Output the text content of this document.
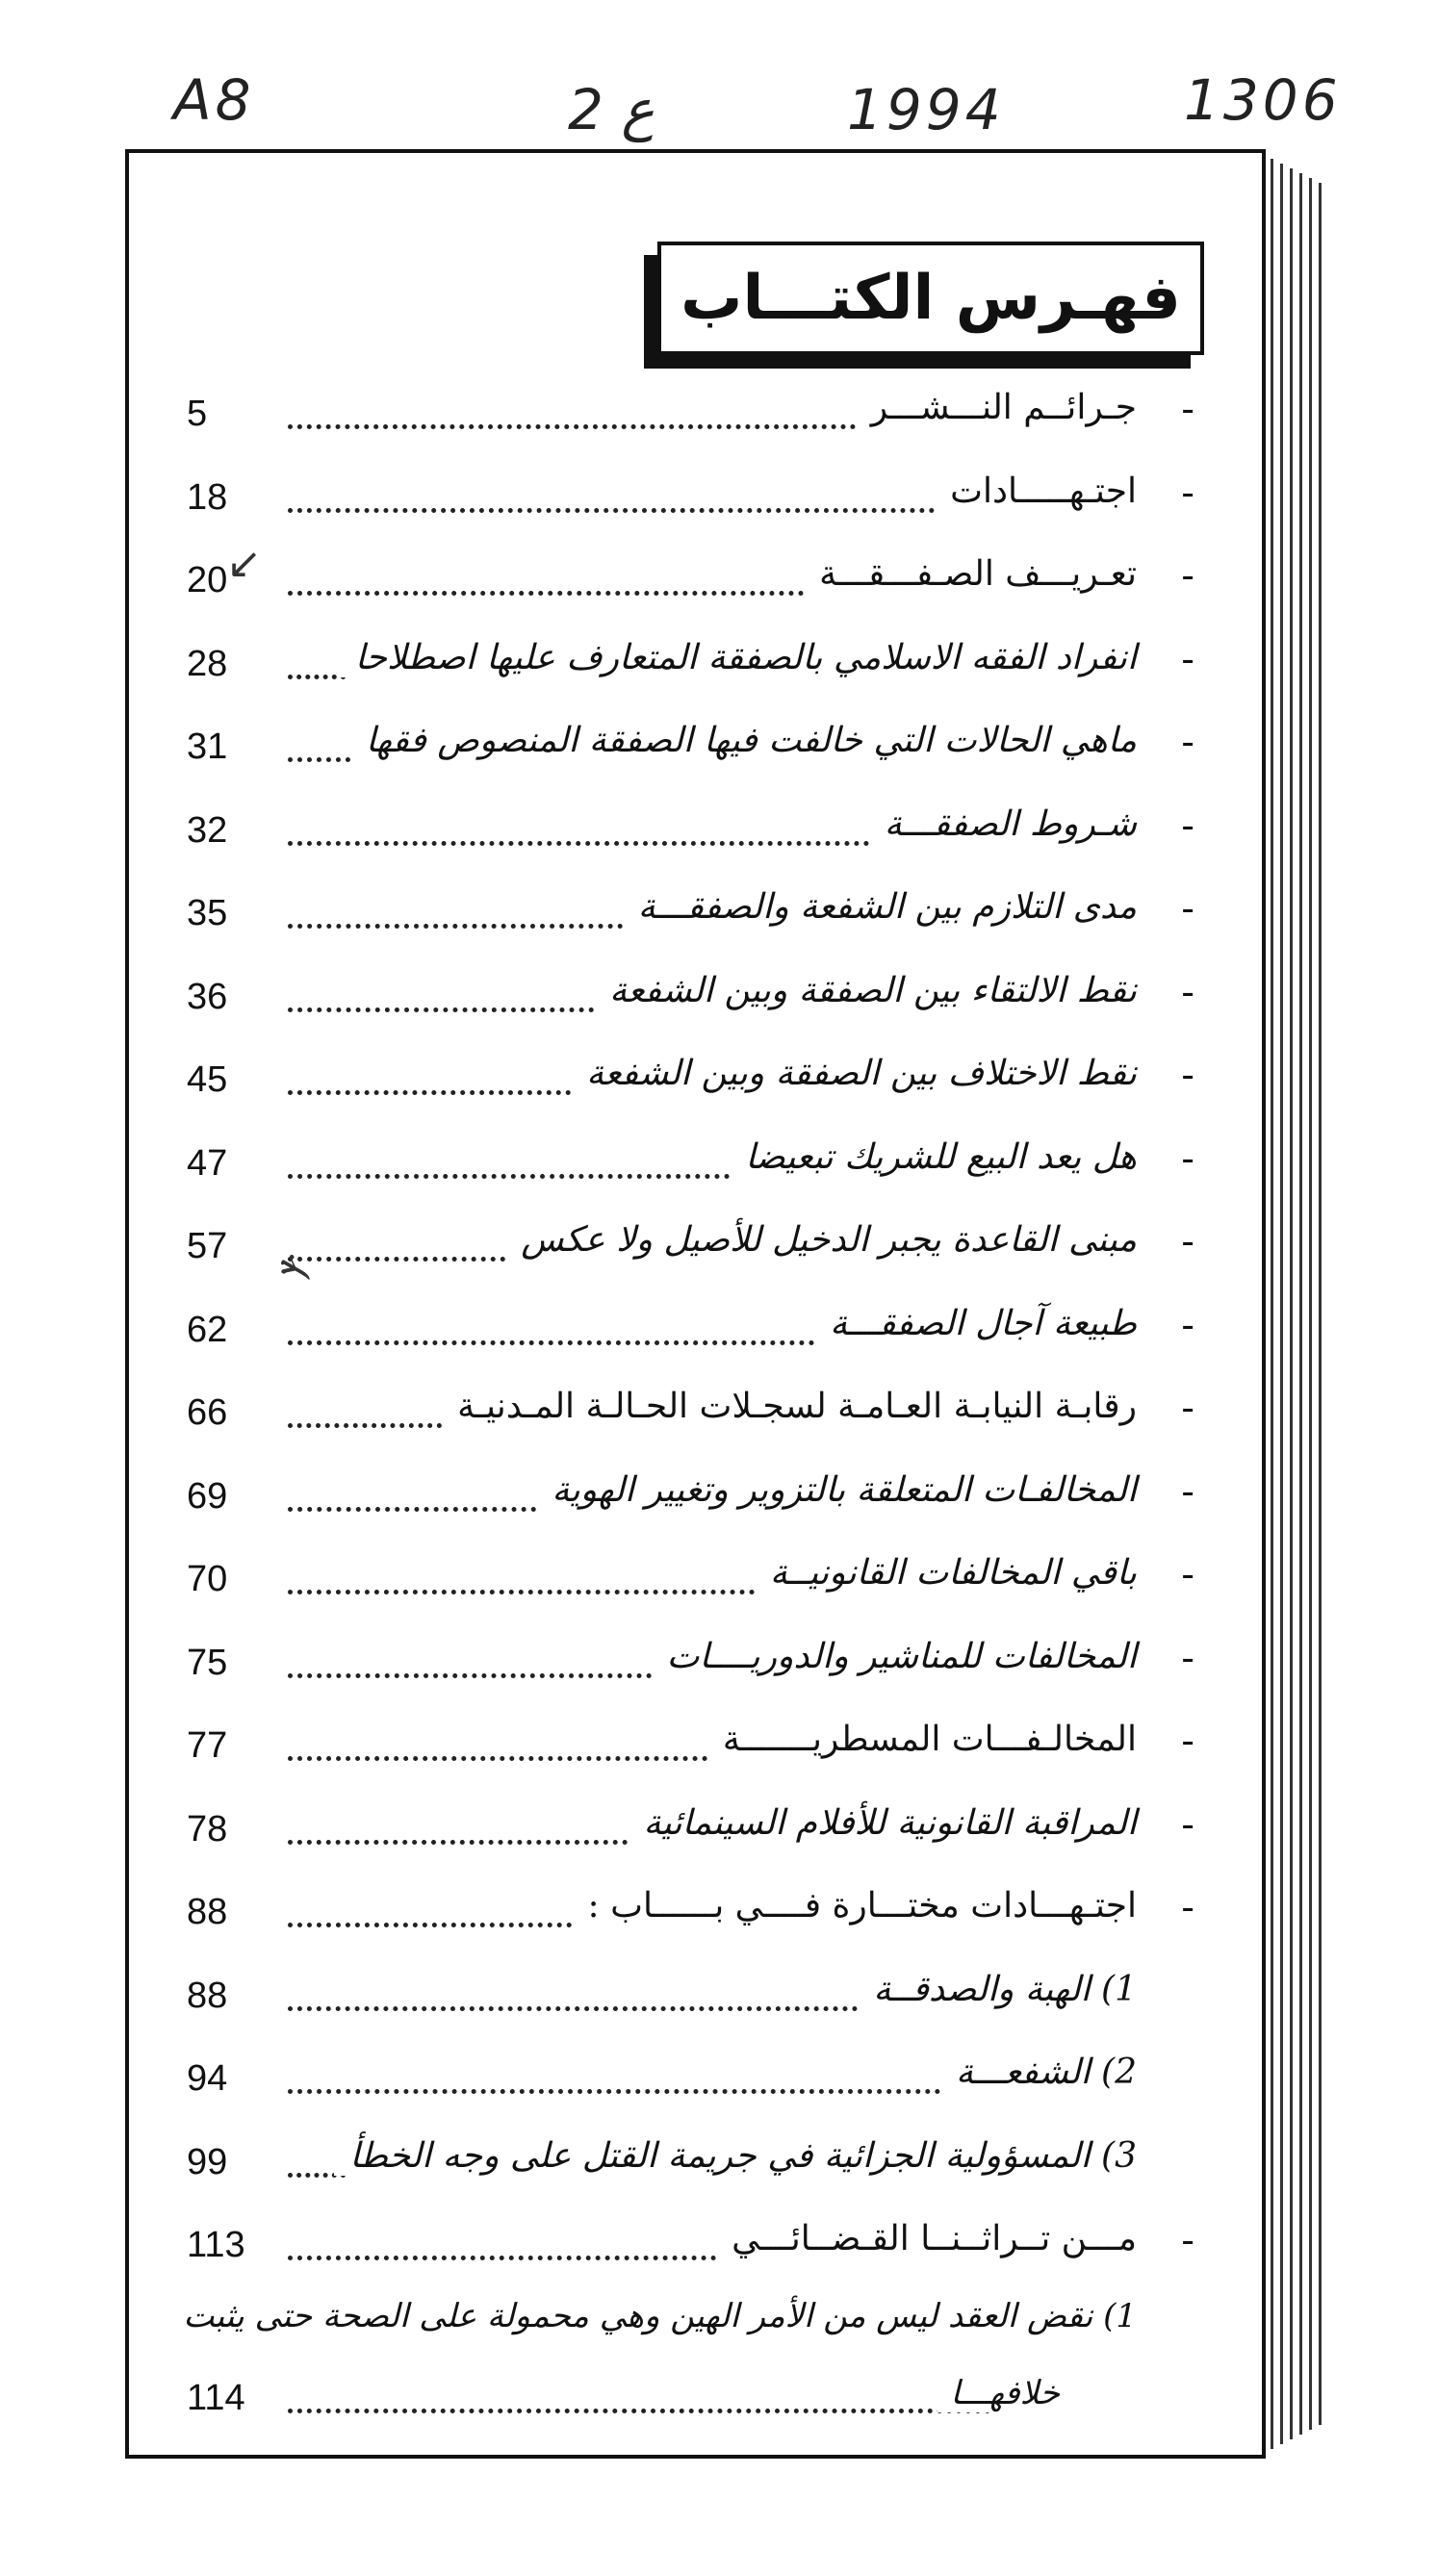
A8	2 ع	1994	1306
فهـرس الكتـــاب
5	جـرائــم النـــشـــر -
18	اجتـهـــــادات -
20	تعـريـــف الصـفـــقـــة -
28	انفراد الفقه الاسلامي بالصفقة المتعارف عليها اصطلاحا -
31	ماهي الحالات التي خالفت فيها الصفقة المنصوص فقها -
32	شـروط الصفقـــة -
35	مدى التلازم بين الشفعة والصفقـــة -
36	نقط الالتقاء بين الصفقة وبين الشفعة -
45	نقط الاختلاف بين الصفقة وبين الشفعة -
47	هل يعد البيع للشريك تبعيضا -
57	مبنى القاعدة يجبر الدخيل للأصيل ولا عكس -
62	طبيعة آجال الصفقـــة -
66	رقابـة النيابـة العـامـة لسجـلات الحـالـة المـدنيـة -
69	المخالفـات المتعلقة بالتزوير وتغيير الهوية -
70	باقي المخالفات القانونيــة -
75	المخالفات للمناشير والدوريــــات -
77	المخالـفـــات المسطريـــــــة -
78	المراقبة القانونية للأفلام السينمائية -
88	اجتـهـــادات مختـــارة فــــي بــــــاب : -
88	1) الهبة والصدقــة
94	2) الشفعـــة
99	3) المسؤولية الجزائية في جريمة القتل على وجه الخطأ
113	مـــن تــراثــنــا القـضــائـــي -
1) نقض العقد ليس من الأمر الهين وهي محمولة على الصحة حتى يثبت
114	خلافهـــا
↙
ⲯ
